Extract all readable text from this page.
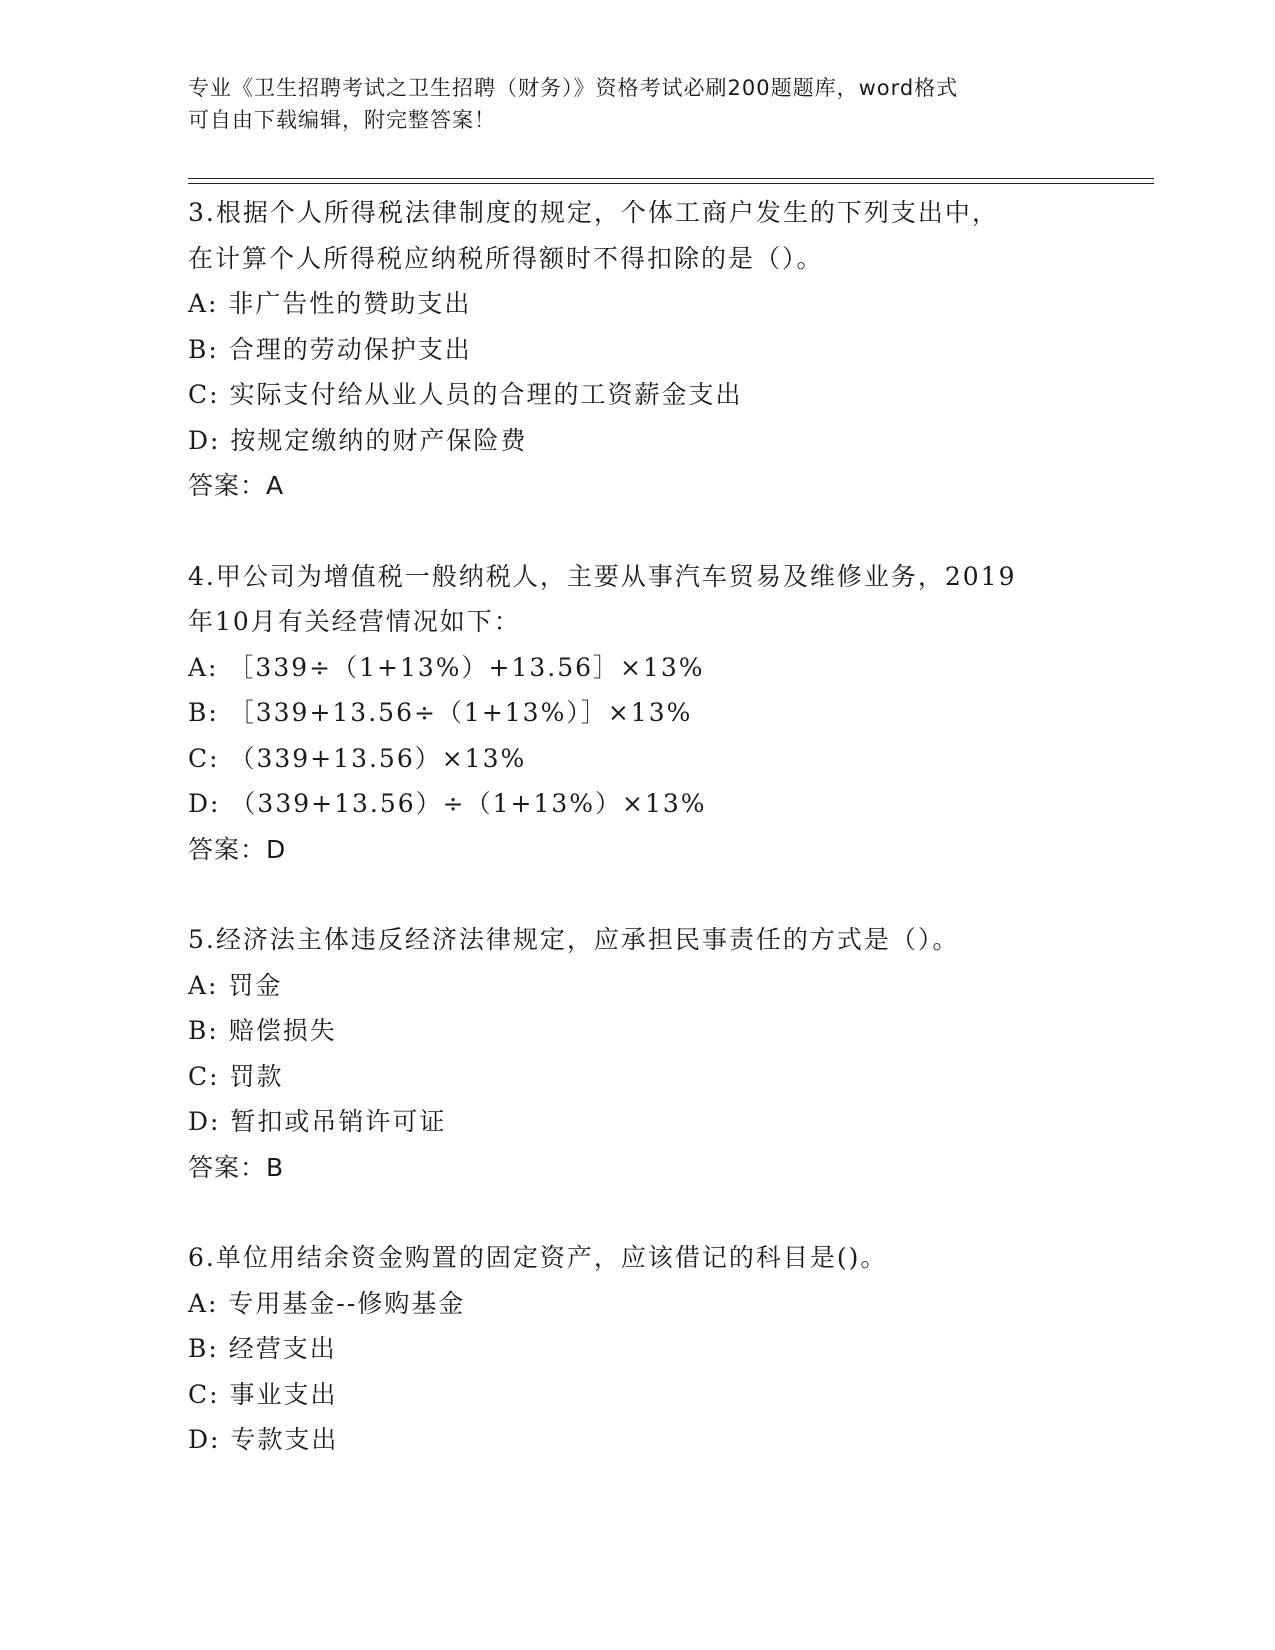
专业《卫生招聘考试之卫生招聘（财务）》资格考试必刷200题题库，word格式
可自由下载编辑，附完整答案！
3.根据个人所得税法律制度的规定，个体工商户发生的下列支出中，
在计算个人所得税应纳税所得额时不得扣除的是（）。
A: 非广告性的赞助支出
B: 合理的劳动保护支出
C: 实际支付给从业人员的合理的工资薪金支出
D: 按规定缴纳的财产保险费
答案：A
4.甲公司为增值税一般纳税人，主要从事汽车贸易及维修业务，2019
年10月有关经营情况如下：
A: ［339÷（1+13%）+13.56］×13%
B: ［339+13.56÷（1+13%）］×13%
C: （339+13.56）×13%
D: （339+13.56）÷（1+13%）×13%
答案：D
5.经济法主体违反经济法律规定，应承担民事责任的方式是（）。
A: 罚金
B: 赔偿损失
C: 罚款
D: 暂扣或吊销许可证
答案：B
6.单位用结余资金购置的固定资产，应该借记的科目是()。
A: 专用基金--修购基金
B: 经营支出
C: 事业支出
D: 专款支出
